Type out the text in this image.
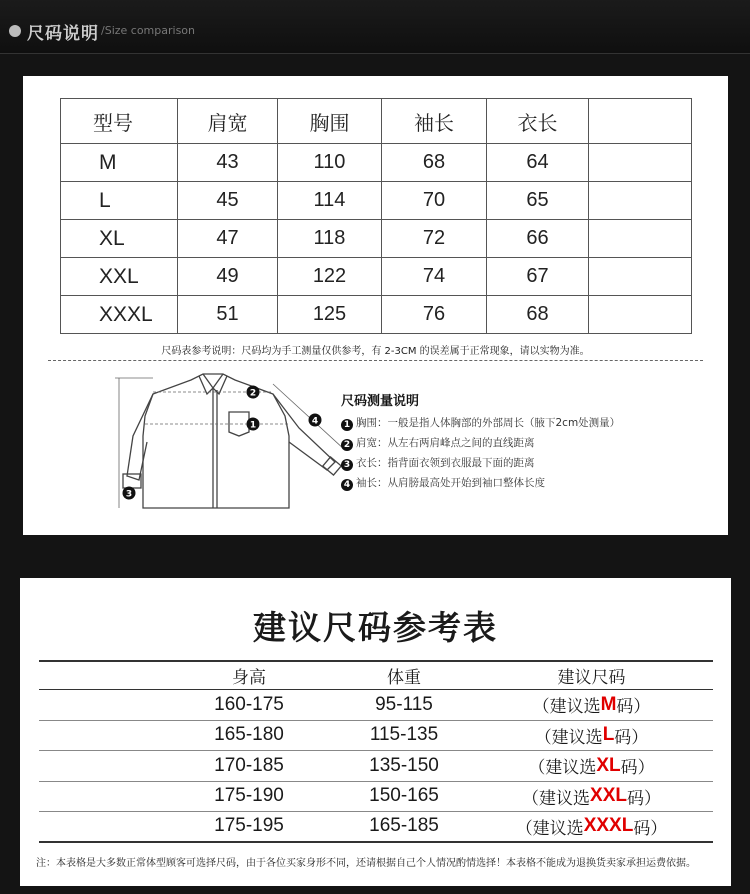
尺码说明 /Size comparison
型号	肩宽	胸围	袖长	衣长	
M	43	110	68	64	
L	45	114	70	65	
XL	47	118	72	66	
XXL	49	122	74	67	
XXXL	51	125	76	68	
尺码表参考说明：尺码均为手工测量仅供参考，有 2-3CM 的误差属于正常现象，请以实物为准。
1
2
3
4
尺码测量说明
1 胸围：一般是指人体胸部的外部周长（腋下2cm处测量）
2 肩宽：从左右两肩峰点之间的直线距离
3 衣长：指背面衣领到衣服最下面的距离
4 袖长：从肩膀最高处开始到袖口整体长度
建议尺码参考表
身高	体重	建议尺码
160-175	95-115	（建议选 M 码）
165-180	115-135	（建议选 L 码）
170-185	135-150	（建议选 XL 码）
175-190	150-165	（建议选 XXL 码）
175-195	165-185	（建议选 XXXL 码）
注：本表格是大多数正常体型顾客可选择尺码，由于各位买家身形不同，还请根据自己个人情况酌情选择！本表格不能成为退换货卖家承担运费依据。
